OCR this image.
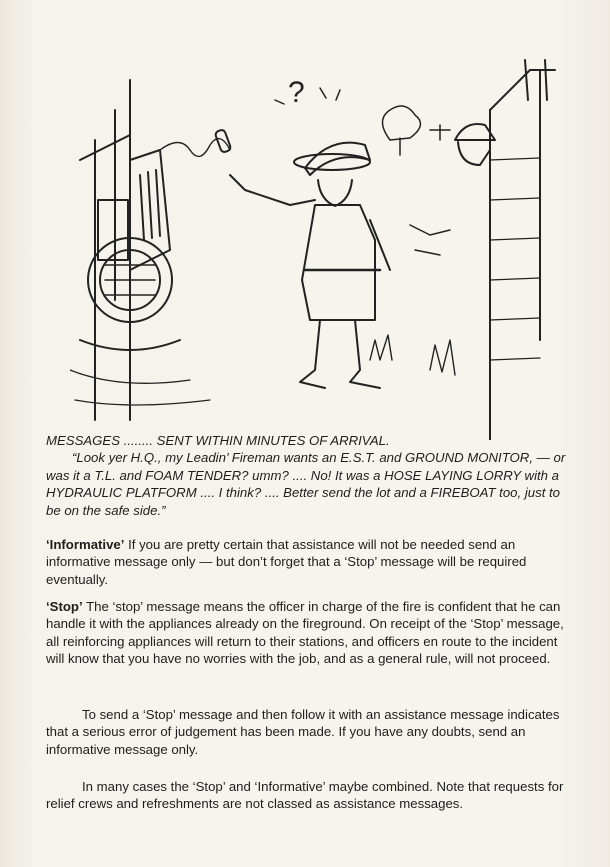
?
MESSAGES ........ SENT WITHIN MINUTES OF ARRIVAL.
“Look yer H.Q., my Leadin’ Fireman wants an E.S.T. and GROUND MONITOR, — or was it a T.L. and FOAM TENDER? umm? .... No! It was a HOSE LAYING LORRY with a HYDRAULIC PLATFORM .... I think? .... Better send the lot and a FIREBOAT too, just to be on the safe side.”

‘Informative’ If you are pretty certain that assistance will not be needed send an informative message only — but don’t forget that a ‘Stop’ message will be required eventually.

‘Stop’ The ‘stop’ message means the officer in charge of the fire is confident that he can handle it with the appliances already on the fireground. On receipt of the ‘Stop’ message, all reinforcing appliances will return to their stations, and officers en route to the incident will know that you have no worries with the job, and as a general rule, will not proceed.

To send a ‘Stop’ message and then follow it with an assistance message indicates that a serious error of judgement has been made. If you have any doubts, send an informative message only.

In many cases the ‘Stop’ and ‘Informative’ maybe combined. Note that requests for relief crews and refreshments are not classed as assistance messages.
